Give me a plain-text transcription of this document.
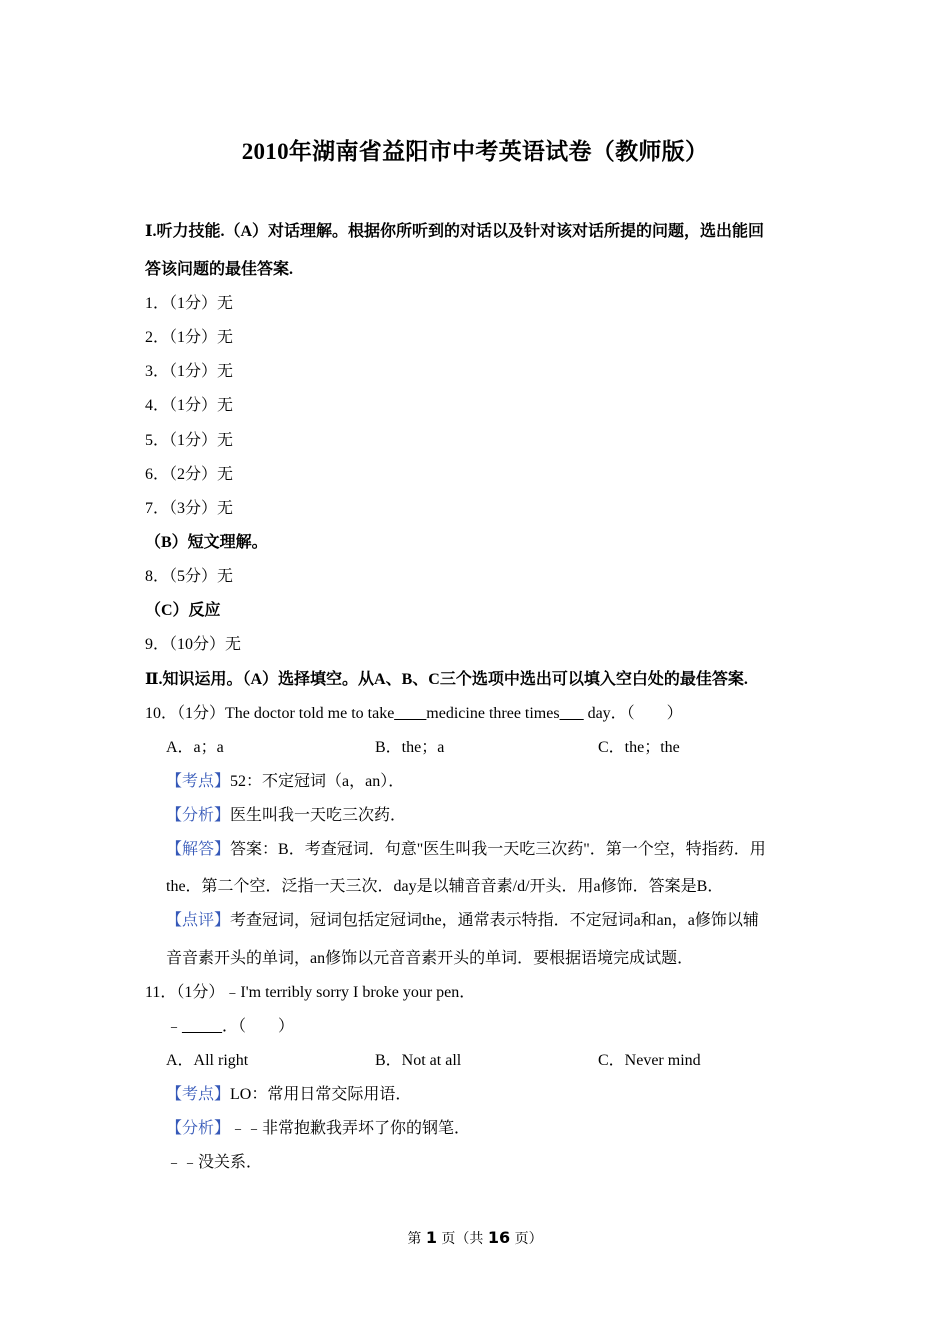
2010年湖南省益阳市中考英语试卷（教师版）
Ⅰ.听力技能.（A）对话理解。根据你所听到的对话以及针对该对话所提的问题，选出能回
答该问题的最佳答案.
1．（1分）无
2．（1分）无
3．（1分）无
4．（1分）无
5．（1分）无
6．（2分）无
7．（3分）无
（B）短文理解。
8．（5分）无
（C）反应
9．（10分）无
Ⅱ.知识运用。（A）选择填空。从A、B、C三个选项中选出可以填入空白处的最佳答案.
10．（1分）The doctor told me to take____medicine three times___ day．（　　）
A．a；a	B．the；a	C．the；the
【考点】52：不定冠词（a，an）．
【分析】医生叫我一天吃三次药．
【解答】答案：B．考查冠词．句意"医生叫我一天吃三次药"．第一个空，特指药．用
the．第二个空．泛指一天三次．day是以辅音音素/d/开头．用a修饰．答案是B．
【点评】考查冠词，冠词包括定冠词the，通常表示特指．不定冠词a和an，a修饰以辅
音音素开头的单词，an修饰以元音音素开头的单词．要根据语境完成试题．
11．（1分）﹣I'm terribly sorry I broke your pen．
﹣_____．（　　）
A．All right	B．Not at all	C．Never mind
【考点】LO：常用日常交际用语．
【分析】﹣﹣非常抱歉我弄坏了你的钢笔．
﹣﹣没关系．
第 1 页（共 16 页）
